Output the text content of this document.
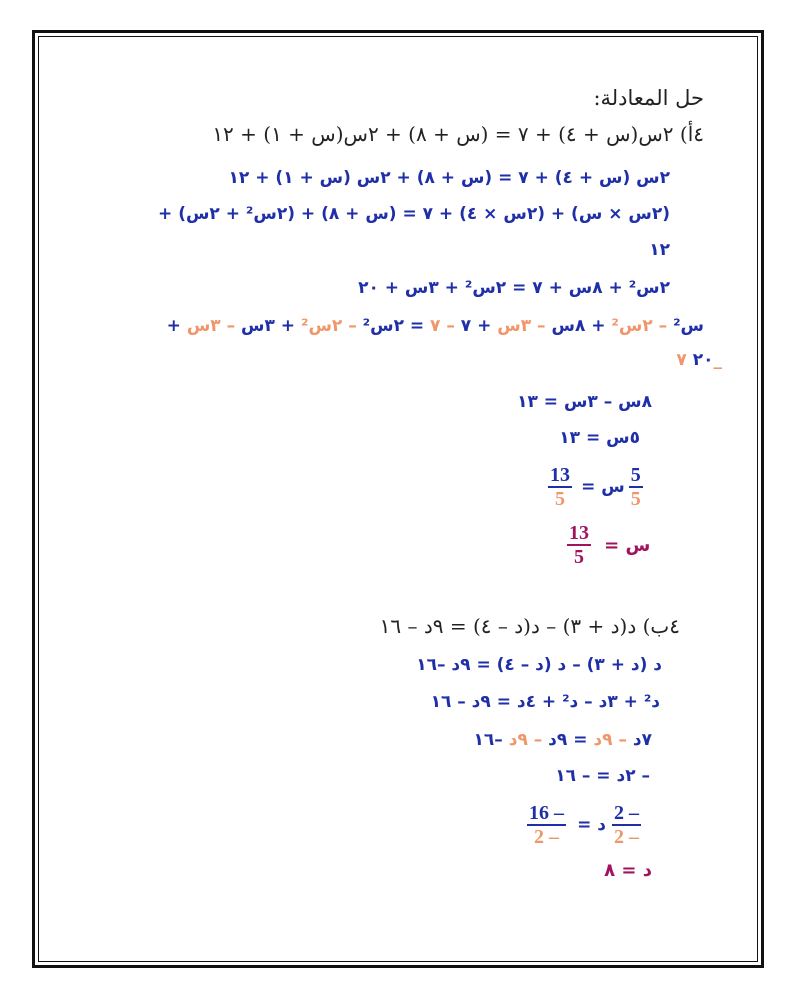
حل المعادلة:
٤أ) ٢س(س + ٤) + ٧ = (س + ٨) + ٢س(س + ١) + ١٢
٢س (س + ٤) + ٧ = (س + ٨) + ٢س (س + ١) + ١٢
(٢س × س) + (٢س × ٤) + ٧ = (س + ٨) + (٢س² + ٢س) +
١٢
٢س² + ٨س + ٧ = ٢س² + ٣س + ٢٠
س² – ٢س² + ٨س – ٣س + ٧ – ٧ = ٢س² – ٢س² + ٣س – ٣س +
٢٠ ٧_
٨س – ٣س = ١٣
٥س = ١٣
$\frac{13}{5}$ = س $\frac{5}{5}$
$\frac{13}{5}$ س =
٤ب) د(د + ٣) – د(د – ٤) = ٩د – ١٦
د (د + ٣) – د (د – ٤) = ٩د –١٦
د² + ٣د – د² + ٤د = ٩د – ١٦
٧د – ٩د = ٩د – ٩د –١٦
– ٢د = – ١٦
$\frac{16 -}{2 -}$ = د $\frac{2 -}{2 -}$
د = ٨
